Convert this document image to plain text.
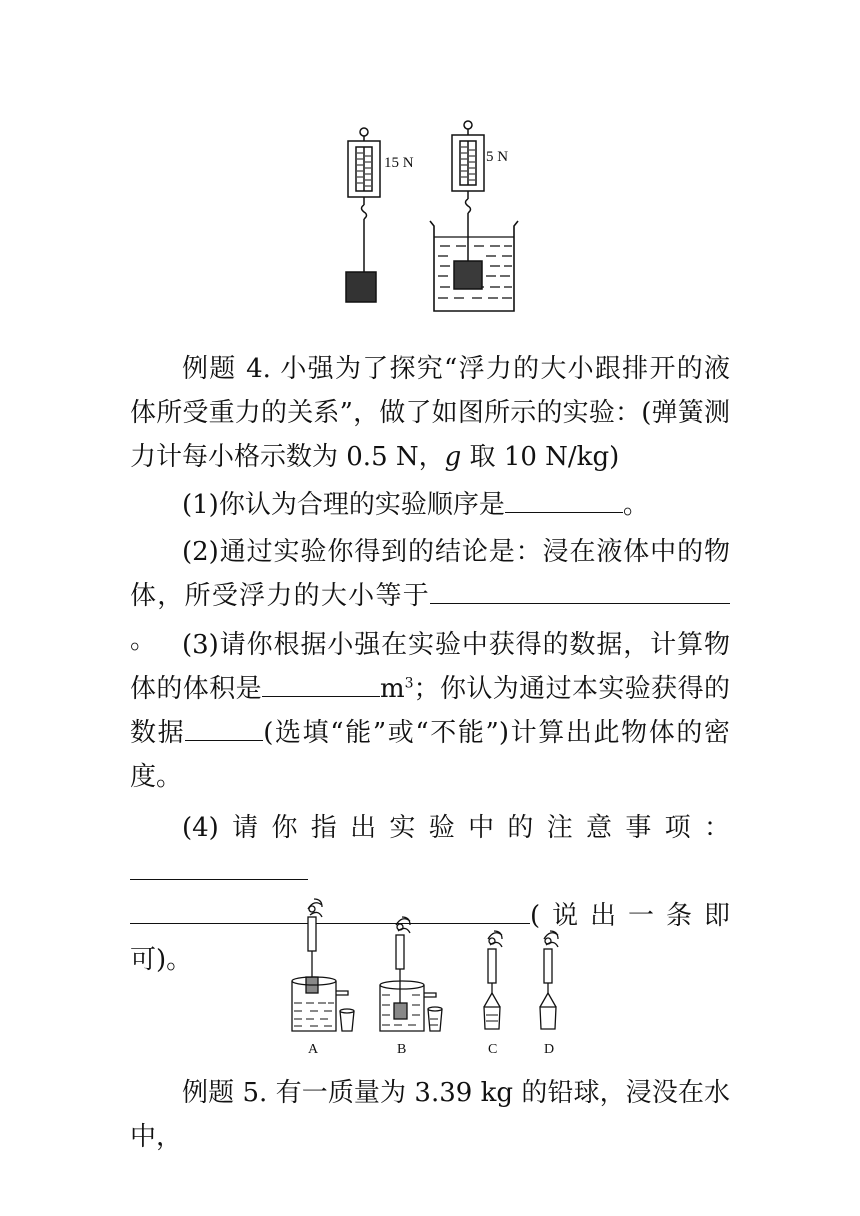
15 N	5 N

例题 4. 小强为了探究“浮力的大小跟排开的液体所受重力的关系”，做了如图所示的实验：(弹簧测力计每小格示数为 0.5 N，g 取 10 N/kg)

(1)你认为合理的实验顺序是	。

(2)通过实验你得到的结论是：浸在液体中的物体，所受浮力的大小等于。 (3)请你根据小强在实验中获得的数据，计算物体的体积是	$m^3$；你认为通过本实验获得的数据	(选填“能”或“不能”)计算出此物体的密度。

(4)请你指出实验中的注意事项：
(说出一条即可)。

A	B	C	D

例题 5. 有一质量为 3.39 kg 的铅球，浸没在水中，
